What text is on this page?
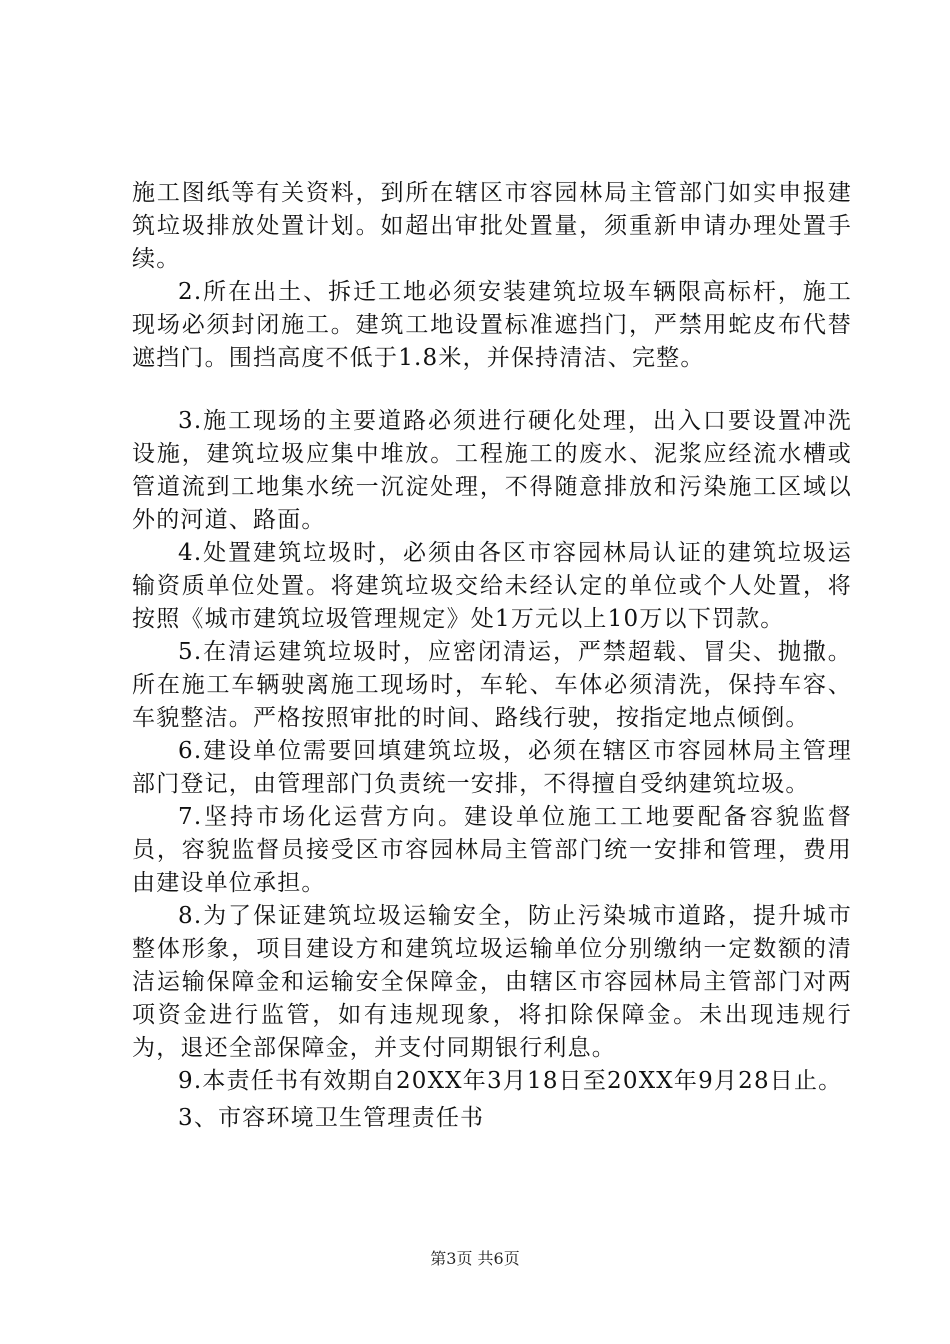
施工图纸等有关资料，到所在辖区市容园林局主管部门如实申报建筑垃圾排放处置计划。如超出审批处置量，须重新申请办理处置手续。

2.所在出土、拆迁工地必须安装建筑垃圾车辆限高标杆，施工现场必须封闭施工。建筑工地设置标准遮挡门，严禁用蛇皮布代替遮挡门。围挡高度不低于1.8米，并保持清洁、完整。

3.施工现场的主要道路必须进行硬化处理，出入口要设置冲洗设施，建筑垃圾应集中堆放。工程施工的废水、泥浆应经流水槽或管道流到工地集水统一沉淀处理，不得随意排放和污染施工区域以外的河道、路面。

4.处置建筑垃圾时，必须由各区市容园林局认证的建筑垃圾运输资质单位处置。将建筑垃圾交给未经认定的单位或个人处置，将按照《城市建筑垃圾管理规定》处1万元以上10万以下罚款。

5.在清运建筑垃圾时，应密闭清运，严禁超载、冒尖、抛撒。所在施工车辆驶离施工现场时，车轮、车体必须清洗，保持车容、车貌整洁。严格按照审批的时间、路线行驶，按指定地点倾倒。

6.建设单位需要回填建筑垃圾，必须在辖区市容园林局主管理部门登记，由管理部门负责统一安排，不得擅自受纳建筑垃圾。

7.坚持市场化运营方向。建设单位施工工地要配备容貌监督员，容貌监督员接受区市容园林局主管部门统一安排和管理，费用由建设单位承担。

8.为了保证建筑垃圾运输安全，防止污染城市道路，提升城市整体形象，项目建设方和建筑垃圾运输单位分别缴纳一定数额的清洁运输保障金和运输安全保障金，由辖区市容园林局主管部门对两项资金进行监管，如有违规现象，将扣除保障金。未出现违规行为，退还全部保障金，并支付同期银行利息。

9.本责任书有效期自20XX年3月18日至20XX年9月28日止。

3、市容环境卫生管理责任书

第3页 共6页
